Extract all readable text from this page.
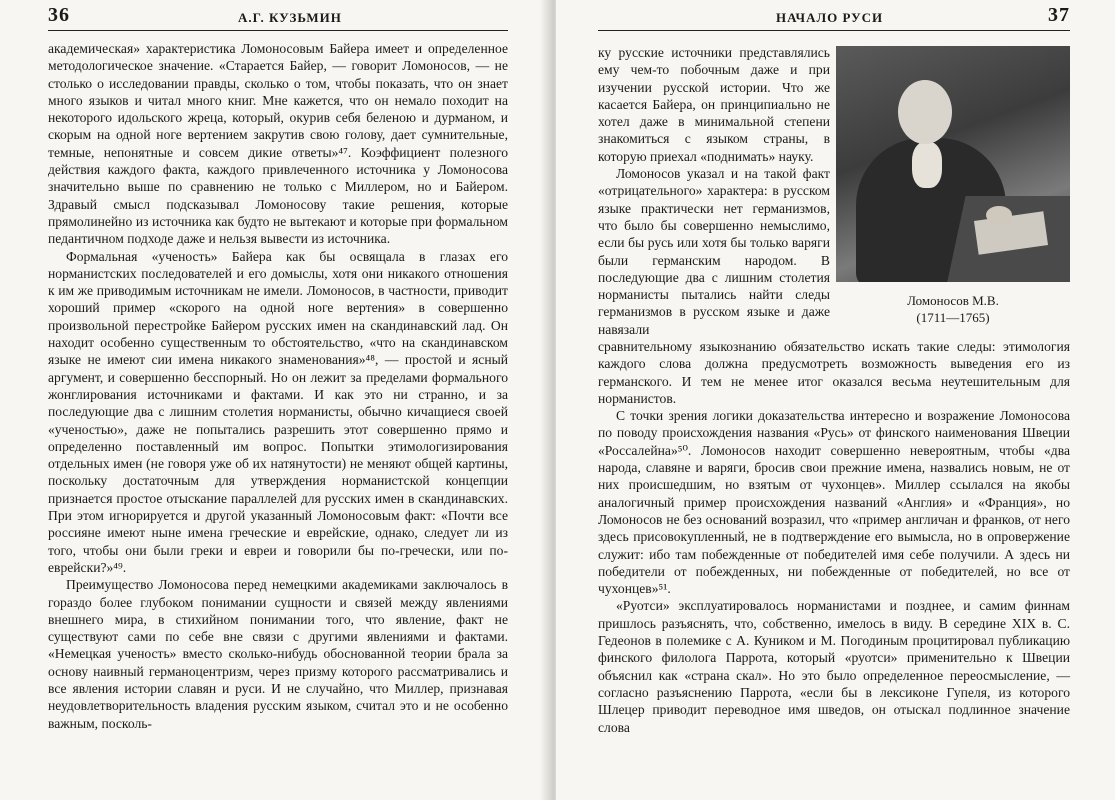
36	А.Г. КУЗЬМИН

академическая» характеристика Ломоносовым Байера имеет и определенное методологическое значение. «Старается Байер, — говорит Ломоносов, — не столько о исследовании правды, сколько о том, чтобы показать, что он знает много языков и читал много книг. Мне кажется, что он немало походит на некоторого идольского жреца, который, окурив себя беленою и дурманом, и скорым на одной ноге вертением закрутив свою голову, дает сумнительные, темные, непонятные и совсем дикие ответы»⁴⁷. Коэффициент полезного действия каждого факта, каждого привлеченного источника у Ломоносова значительно выше по сравнению не только с Миллером, но и Байером. Здравый смысл подсказывал Ломоносову такие решения, которые прямолинейно из источника как будто не вытекают и которые при формальном педантичном подходе даже и нельзя вывести из источника.

Формальная «ученость» Байера как бы освящала в глазах его норманистских последователей и его домыслы, хотя они никакого отношения к им же приводимым источникам не имели. Ломоносов, в частности, приводит хороший пример «скорого на одной ноге вертения» в совершенно произвольной перестройке Байером русских имен на скандинавский лад. Он находит особенно существенным то обстоятельство, «что на скандинавском языке не имеют сии имена никакого знаменования»⁴⁸, — простой и ясный аргумент, и совершенно бесспорный. Но он лежит за пределами формального жонглирования источниками и фактами. И как это ни странно, и за последующие два с лишним столетия норманисты, обычно кичащиеся своей «ученостью», даже не попытались разрешить этот совершенно прямо и определенно поставленный им вопрос. Попытки этимологизирования отдельных имен (не говоря уже об их натянутости) не меняют общей картины, поскольку достаточным для утверждения норманистской концепции признается простое отыскание параллелей для русских имен в скандинавских. При этом игнорируется и другой указанный Ломоносовым факт: «Почти все россияне имеют ныне имена греческие и еврейские, однако, следует ли из того, чтобы они были греки и евреи и говорили бы по-гречески, или по-еврейски?»⁴⁹.

Преимущество Ломоносова перед немецкими академиками заключалось в гораздо более глубоком понимании сущности и связей между явлениями внешнего мира, в стихийном понимании того, что явление, факт не существуют сами по себе вне связи с другими явлениями и фактами. «Немецкая ученость» вместо сколько-нибудь обоснованной теории брала за основу наивный германоцентризм, через призму которого рассматривались и все явления истории славян и руси. И не случайно, что Миллер, признавая неудовлетворительность владения русским языком, считал это и не особенно важным, посколь-

НАЧАЛО РУСИ	37

ку русские источники представлялись ему чем-то побочным даже и при изучении русской истории. Что же касается Байера, он принципиально не хотел даже в минимальной степени знакомиться с языком страны, в которую приехал «поднимать» науку.

Ломоносов указал и на такой факт «отрицательного» характера: в русском языке практически нет германизмов, что было бы совершенно немыслимо, если бы русь или хотя бы только варяги были германским народом. В последующие два с лишним столетия норманисты пытались найти следы германизмов в русском языке и даже навязали

Ломоносов М.В.
(1711—1765)

сравнительному языкознанию обязательство искать такие следы: этимология каждого слова должна предусмотреть возможность выведения его из германского. И тем не менее итог оказался весьма неутешительным для норманистов.

С точки зрения логики доказательства интересно и возражение Ломоносова по поводу происхождения названия «Русь» от финского наименования Швеции «Россалейна»⁵⁰. Ломоносов находит совершенно невероятным, чтобы «два народа, славяне и варяги, бросив свои прежние имена, назвались новым, не от них происшедшим, но взятым от чухонцев». Миллер ссылался на якобы аналогичный пример происхождения названий «Англия» и «Франция», но Ломоносов не без оснований возразил, что «пример англичан и франков, от него здесь присовокупленный, не в подтверждение его вымысла, но в опровержение служит: ибо там побежденные от победителей имя себе получили. А здесь ни победители от побежденных, ни побежденные от победителей, но все от чухонцев»⁵¹.

«Руотси» эксплуатировалось норманистами и позднее, и самим финнам пришлось разъяснять, что, собственно, имелось в виду. В середине XIX в. С. Гедеонов в полемике с А. Куником и М. Погодиным процитировал публикацию финского филолога Паррота, который «руотси» применительно к Швеции объяснил как «страна скал». Но это было определенное переосмысление, — согласно разъяснению Паррота, «если бы в лексиконе Гупеля, из которого Шлецер приводит переводное имя шведов, он отыскал подлинное значение слова
